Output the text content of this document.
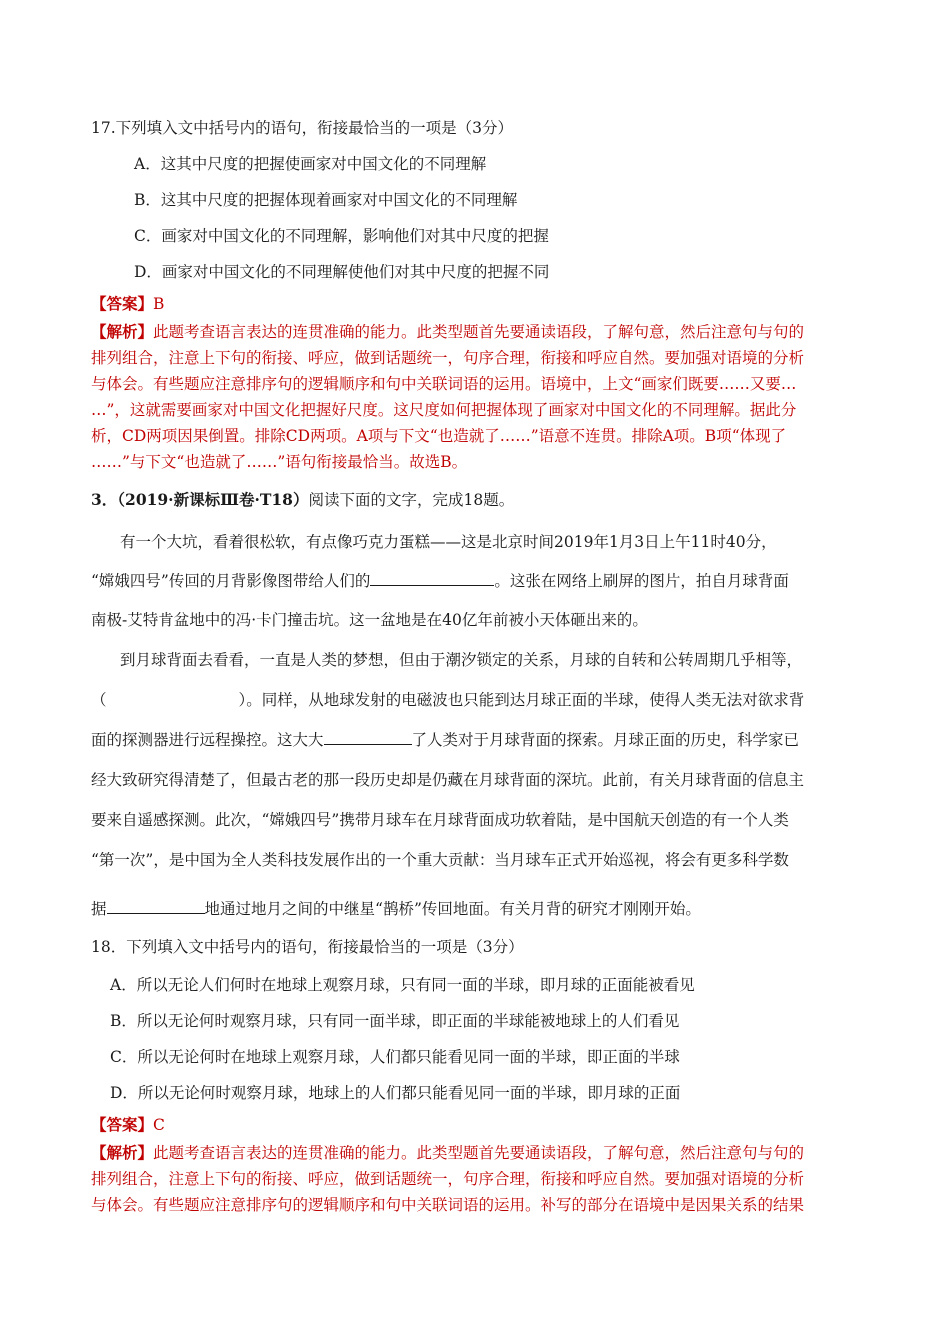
17.下列填入文中括号内的语句，衔接最恰当的一项是（3分）
A．这其中尺度的把握使画家对中国文化的不同理解
B．这其中尺度的把握体现着画家对中国文化的不同理解
C．画家对中国文化的不同理解，影响他们对其中尺度的把握
D．画家对中国文化的不同理解使他们对其中尺度的把握不同
【答案】B
【解析】此题考查语言表达的连贯准确的能力。此类型题首先要通读语段，了解句意，然后注意句与句的
排列组合，注意上下句的衔接、呼应，做到话题统一，句序合理，衔接和呼应自然。要加强对语境的分析
与体会。有些题应注意排序句的逻辑顺序和句中关联词语的运用。语境中，上文“画家们既要……又要…
…”，这就需要画家对中国文化把握好尺度。这尺度如何把握体现了画家对中国文化的不同理解。据此分
析，CD两项因果倒置。排除CD两项。A项与下文“也造就了……”语意不连贯。排除A项。B项“体现了
……”与下文“也造就了……”语句衔接最恰当。故选B。
3．（2019·新课标Ⅲ卷·T18）阅读下面的文字，完成18题。
有一个大坑，看着很松软，有点像巧克力蛋糕——这是北京时间2019年1月3日上午11时40分，
“嫦娥四号”传回的月背影像图带给人们的	。这张在网络上刷屏的图片，拍自月球背面
南极-艾特肯盆地中的冯·卡门撞击坑。这一盆地是在40亿年前被小天体砸出来的。
到月球背面去看看，一直是人类的梦想，但由于潮汐锁定的关系，月球的自转和公转周期几乎相等，
（	）。同样，从地球发射的电磁波也只能到达月球正面的半球，使得人类无法对欲求背
面的探测器进行远程操控。这大大	了人类对于月球背面的探索。月球正面的历史，科学家已
经大致研究得清楚了，但最古老的那一段历史却是仍藏在月球背面的深坑。此前，有关月球背面的信息主
要来自遥感探测。此次，“嫦娥四号”携带月球车在月球背面成功软着陆，是中国航天创造的有一个人类
“第一次”，是中国为全人类科技发展作出的一个重大贡献：当月球车正式开始巡视，将会有更多科学数
据	地通过地月之间的中继星“鹊桥”传回地面。有关月背的研究才刚刚开始。
18．下列填入文中括号内的语句，衔接最恰当的一项是（3分）
A．所以无论人们何时在地球上观察月球，只有同一面的半球，即月球的正面能被看见
B．所以无论何时观察月球，只有同一面半球，即正面的半球能被地球上的人们看见
C．所以无论何时在地球上观察月球，人们都只能看见同一面的半球，即正面的半球
D．所以无论何时观察月球，地球上的人们都只能看见同一面的半球，即月球的正面
【答案】C
【解析】此题考查语言表达的连贯准确的能力。此类型题首先要通读语段，了解句意，然后注意句与句的
排列组合，注意上下句的衔接、呼应，做到话题统一，句序合理，衔接和呼应自然。要加强对语境的分析
与体会。有些题应注意排序句的逻辑顺序和句中关联词语的运用。补写的部分在语境中是因果关系的结果
